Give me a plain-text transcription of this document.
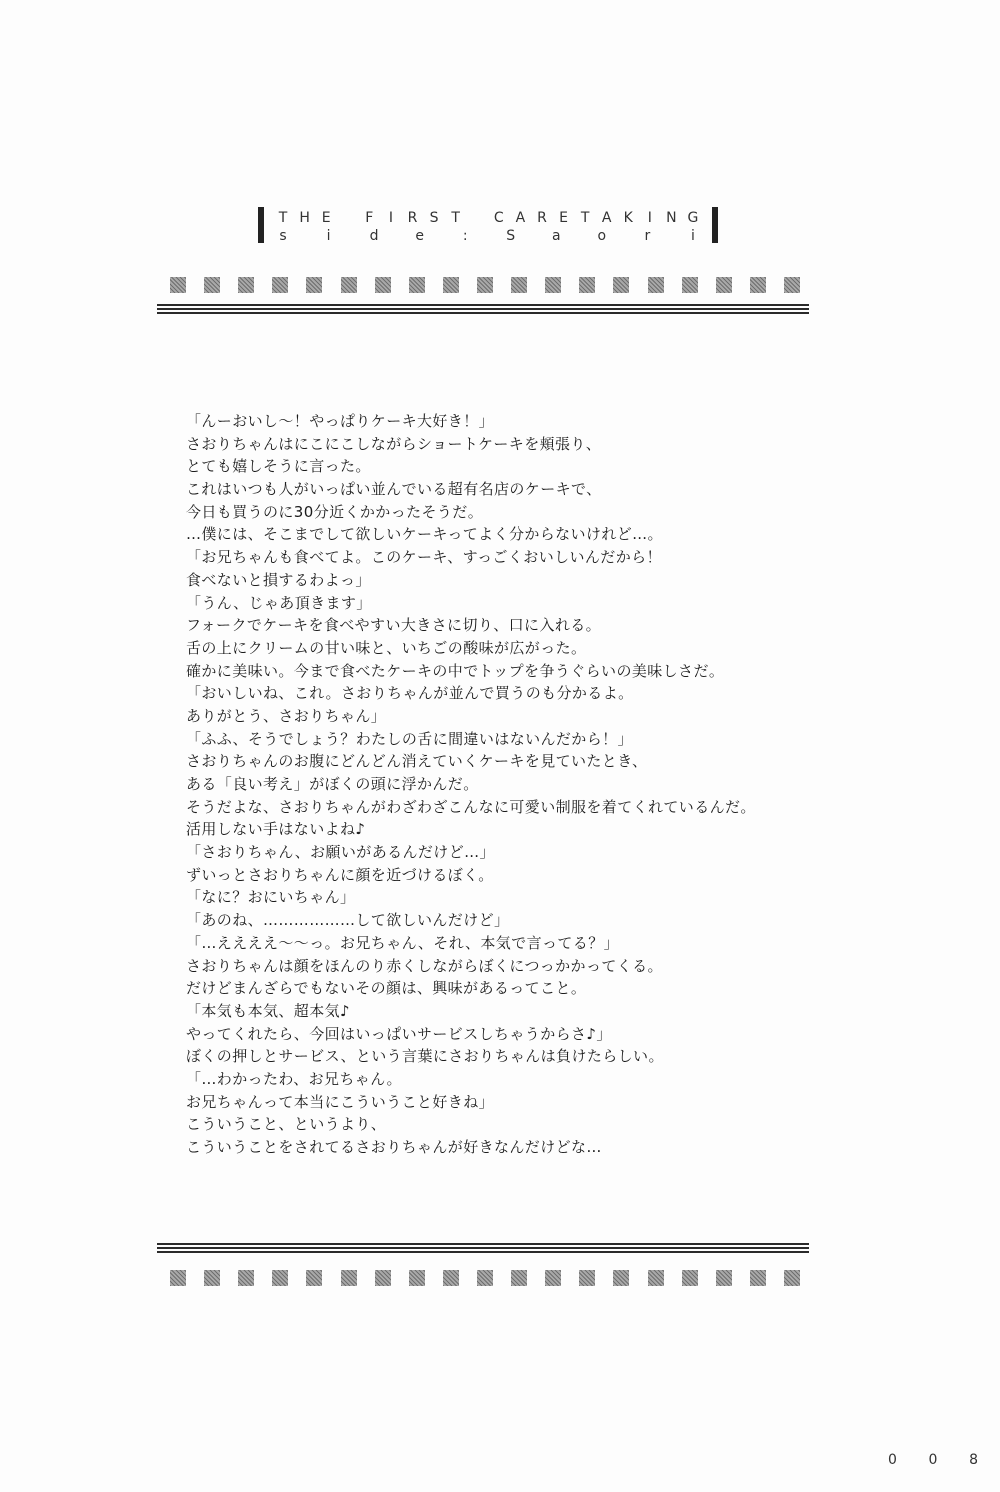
T H E F	I	R S T C A R E T A K	I	N G
s	i	d	e	:	S	a	o	r	i
「んーおいし～！やっぱりケーキ大好き！」
さおりちゃんはにこにこしながらショートケーキを頬張り、
とても嬉しそうに言った。
これはいつも人がいっぱい並んでいる超有名店のケーキで、
今日も買うのに30分近くかかったそうだ。
…僕には、そこまでして欲しいケーキってよく分からないけれど…。
「お兄ちゃんも食べてよ。このケーキ、すっごくおいしいんだから！
食べないと損するわよっ」
「うん、じゃあ頂きます」
フォークでケーキを食べやすい大きさに切り、口に入れる。
舌の上にクリームの甘い味と、いちごの酸味が広がった。
確かに美味い。今まで食べたケーキの中でトップを争うぐらいの美味しさだ。
「おいしいね、これ。さおりちゃんが並んで買うのも分かるよ。
ありがとう、さおりちゃん」
「ふふ、そうでしょう？わたしの舌に間違いはないんだから！」
さおりちゃんのお腹にどんどん消えていくケーキを見ていたとき、
ある「良い考え」がぼくの頭に浮かんだ。
そうだよな、さおりちゃんがわざわざこんなに可愛い制服を着てくれているんだ。
活用しない手はないよね♪
「さおりちゃん、お願いがあるんだけど…」
ずいっとさおりちゃんに顔を近づけるぼく。
「なに？おにいちゃん」
「あのね、………………して欲しいんだけど」
「…ええええ～～っ。お兄ちゃん、それ、本気で言ってる？」
さおりちゃんは顔をほんのり赤くしながらぼくにつっかかってくる。
だけどまんざらでもないその顔は、興味があるってこと。
「本気も本気、超本気♪
やってくれたら、今回はいっぱいサービスしちゃうからさ♪」
ぼくの押しとサービス、という言葉にさおりちゃんは負けたらしい。
「…わかったわ、お兄ちゃん。
お兄ちゃんって本当にこういうこと好きね」
こういうこと、というより、
こういうことをされてるさおりちゃんが好きなんだけどな…
0 0 8
